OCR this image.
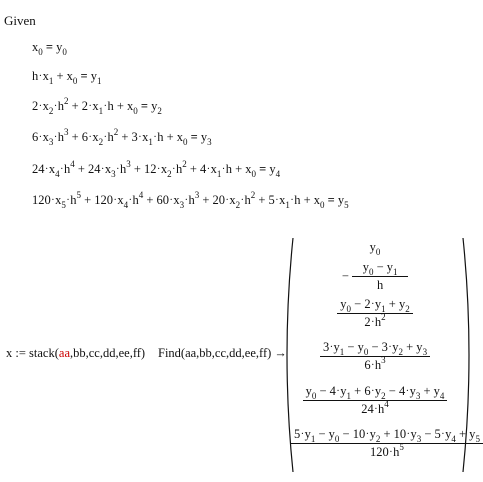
Given
$x_0 = y_0$
$h\cdot x_1 + x_0 = y_1$
$2\cdot x_2\cdot h^2 + 2\cdot x_1\cdot h + x_0 = y_2$
$6\cdot x_3\cdot h^3 + 6\cdot x_2\cdot h^2 + 3\cdot x_1\cdot h + x_0 = y_3$
$24\cdot x_4\cdot h^4 + 24\cdot x_3\cdot h^3 + 12\cdot x_2\cdot h^2 + 4\cdot x_1\cdot h + x_0 = y_4$
$120\cdot x_5\cdot h^5 + 120\cdot x_4\cdot h^4 + 60\cdot x_3\cdot h^3 + 20\cdot x_2\cdot h^2 + 5\cdot x_1\cdot h + x_0 = y_5$
x := stack(aa,bb,cc,dd,ee,ff) Find(aa,bb,cc,dd,ee,ff) →
$y_0$
− $\frac{y_0 - y_1}{h}$
$\frac{y_0 - 2\cdot y_1 + y_2}{2\cdot h^2}$
$\frac{3\cdot y_1 - y_0 - 3\cdot y_2 + y_3}{6\cdot h^3}$
$\frac{y_0 - 4\cdot y_1 + 6\cdot y_2 - 4\cdot y_3 + y_4}{24\cdot h^4}$
$\frac{5\cdot y_1 - y_0 - 10\cdot y_2 + 10\cdot y_3 - 5\cdot y_4 + y_5}{120\cdot h^5}$
